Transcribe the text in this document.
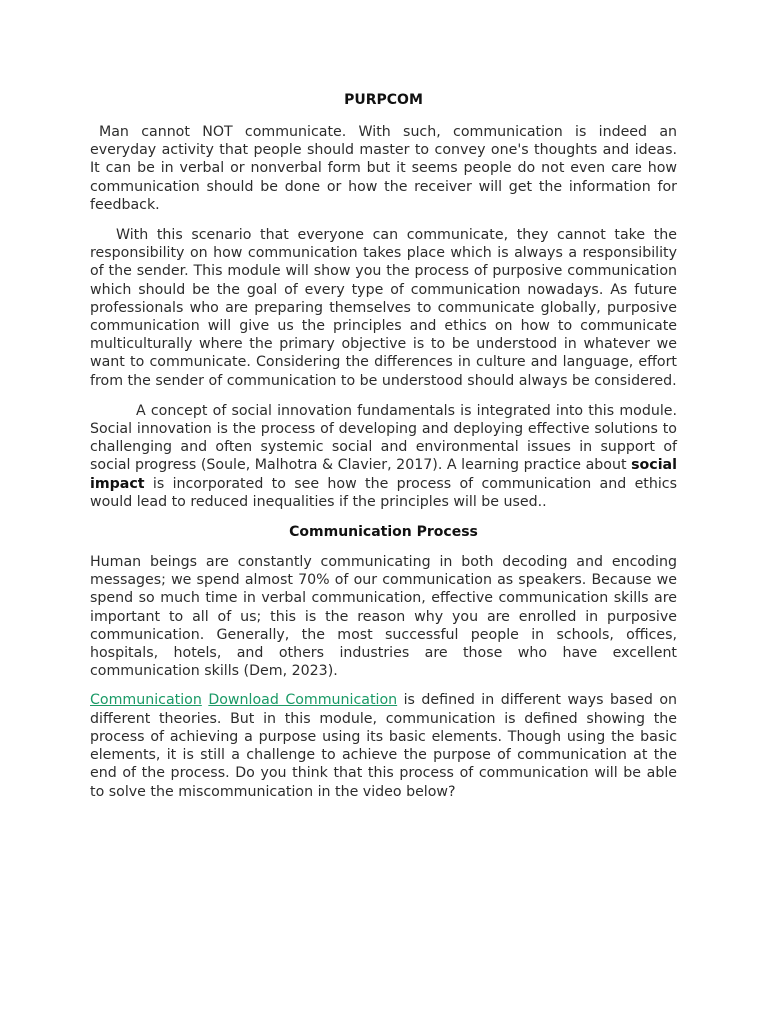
PURPCOM

Man cannot NOT communicate. With such, communication is indeed an everyday activity that people should master to convey one's thoughts and ideas. It can be in verbal or nonverbal form but it seems people do not even care how communication should be done or how the receiver will get the information for feedback.

With this scenario that everyone can communicate, they cannot take the responsibility on how communication takes place which is always a responsibility of the sender. This module will show you the process of purposive communication which should be the goal of every type of communication nowadays. As future professionals who are preparing themselves to communicate globally, purposive communication will give us the principles and ethics on how to communicate multiculturally where the primary objective is to be understood in whatever we want to communicate. Considering the differences in culture and language, effort from the sender of communication to be understood should always be considered.

A concept of social innovation fundamentals is integrated into this module. Social innovation is the process of developing and deploying effective solutions to challenging and often systemic social and environmental issues in support of social progress (Soule, Malhotra & Clavier, 2017). A learning practice about social impact is incorporated to see how the process of communication and ethics would lead to reduced inequalities if the principles will be used..

Communication Process

Human beings are constantly communicating in both decoding and encoding messages; we spend almost 70% of our communication as speakers. Because we spend so much time in verbal communication, effective communication skills are important to all of us; this is the reason why you are enrolled in purposive communication. Generally, the most successful people in schools, offices, hospitals, hotels, and others industries are those who have excellent communication skills (Dem, 2023).

Communication Download Communication is defined in different ways based on different theories. But in this module, communication is defined showing the process of achieving a purpose using its basic elements. Though using the basic elements, it is still a challenge to achieve the purpose of communication at the end of the process. Do you think that this process of communication will be able to solve the miscommunication in the video below?
